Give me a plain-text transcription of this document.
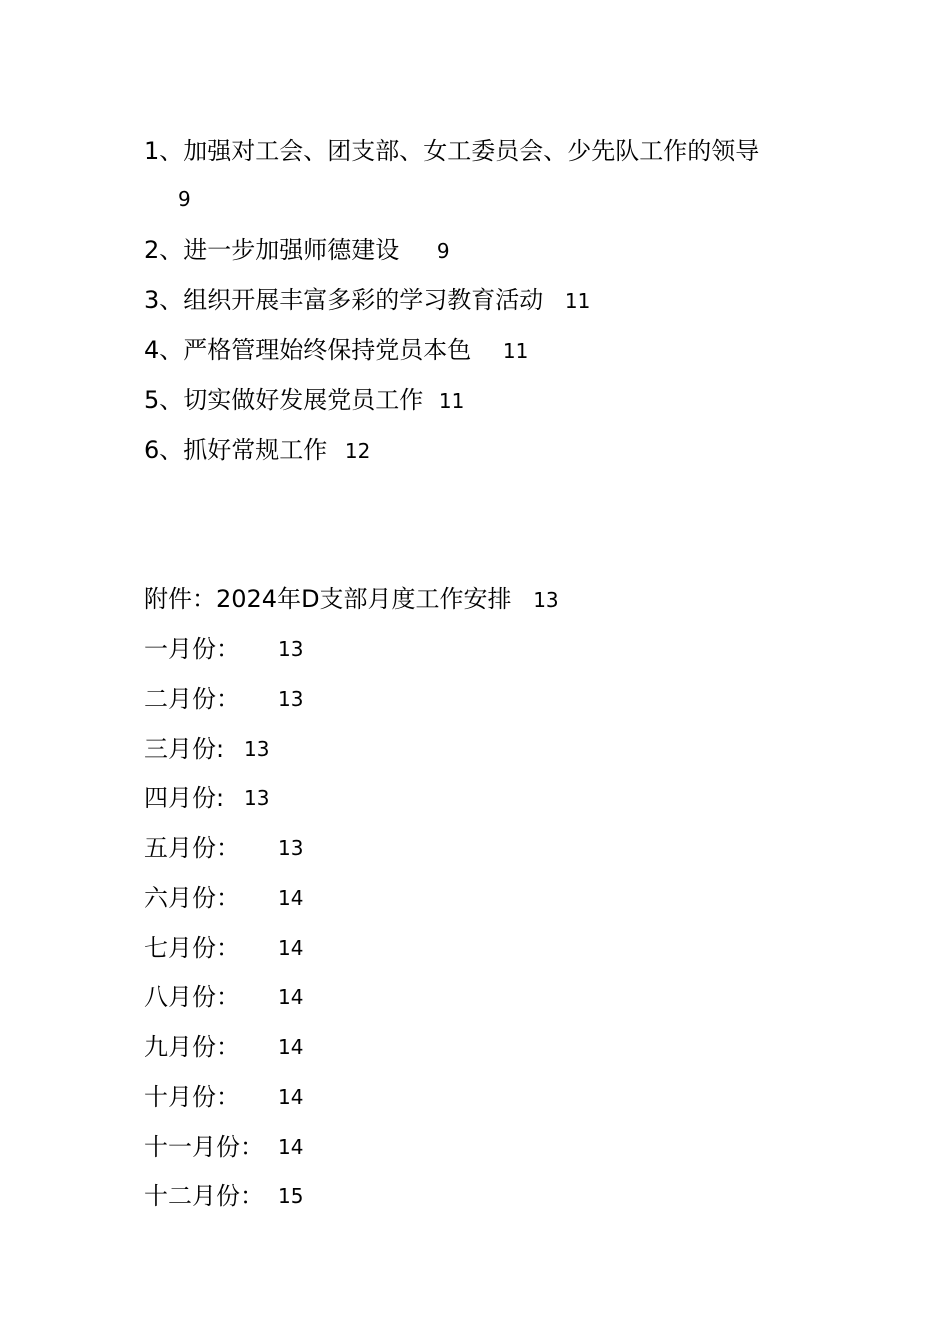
1、加强对工会、团支部、女工委员会、少先队工作的领导
9
2、进一步加强师德建设 9
3、组织开展丰富多彩的学习教育活动 11
4、严格管理始终保持党员本色 11
5、切实做好发展党员工作 11
6、抓好常规工作 12
附件：2024年D支部月度工作安排 13
一月份： 13
二月份： 13
三月份: 13
四月份: 13
五月份： 13
六月份： 14
七月份： 14
八月份： 14
九月份： 14
十月份： 14
十一月份： 14
十二月份： 15
